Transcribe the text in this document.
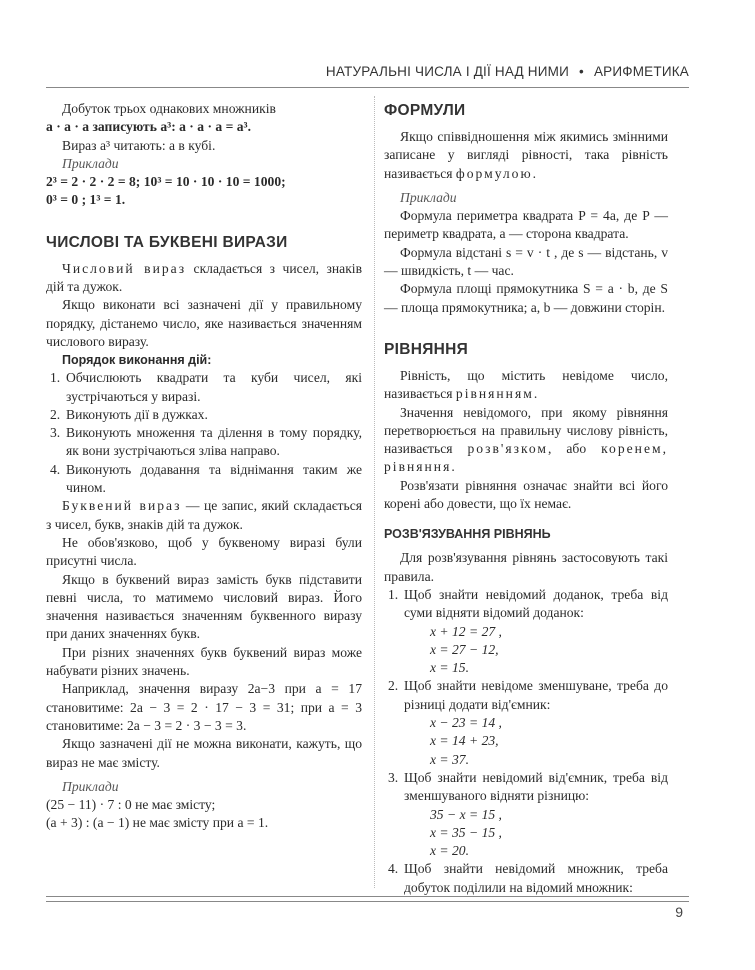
НАТУРАЛЬНІ ЧИСЛА І ДІЇ НАД НИМИ • АРИФМЕТИКА

Добуток трьох однакових множників

a · a · a записують a³: a · a · a = a³.

Вираз a³ читають: a в кубі.

Приклади

2³ = 2 · 2 · 2 = 8; 10³ = 10 · 10 · 10 = 1000;

0³ = 0 ; 1³ = 1.

ЧИСЛОВІ ТА БУКВЕНІ ВИРАЗИ

Числовий вираз складається з чисел, знаків дій та дужок.

Якщо виконати всі зазначені дії у правильному порядку, дістанемо число, яке називається значенням числового виразу.

Порядок виконання дій:

1. Обчислюють квадрати та куби чисел, які зустрічаються у виразі.
2. Виконують дії в дужках.
3. Виконують множення та ділення в тому порядку, як вони зустрічаються зліва направо.
4. Виконують додавання та віднімання таким же чином.

Буквений вираз — це запис, який складається з чисел, букв, знаків дій та дужок.

Не обов'язково, щоб у буквеному виразі були присутні числа.

Якщо в буквений вираз замість букв підставити певні числа, то матимемо числовий вираз. Його значення називається значенням буквенного виразу при даних значеннях букв.

При різних значеннях букв буквений вираз може набувати різних значень.

Наприклад, значення виразу 2a−3 при a = 17 становитиме: 2a − 3 = 2 · 17 − 3 = 31; при a = 3 становитиме: 2a − 3 = 2 · 3 − 3 = 3.

Якщо зазначені дії не можна виконати, кажуть, що вираз не має змісту.

Приклади

(25 − 11) · 7 : 0 не має змісту;

(a + 3) : (a − 1) не має змісту при a = 1.

ФОРМУЛИ

Якщо співвідношення між якимись змінними записане у вигляді рівності, така рівність називається формулою.

Приклади

Формула периметра квадрата P = 4a, де P — периметр квадрата, a — сторона квадрата.

Формула відстані s = v · t , де s — відстань, v — швидкість, t — час.

Формула площі прямокутника S = a · b, де S — площа прямокутника; a, b — довжини сторін.

РІВНЯННЯ

Рівність, що містить невідоме число, називається рівнянням.

Значення невідомого, при якому рівняння перетворюється на правильну числову рівність, називається розв'язком, або коренем, рівняння.

Розв'язати рівняння означає знайти всі його корені або довести, що їх немає.

РОЗВ'ЯЗУВАННЯ РІВНЯНЬ

Для розв'язування рівнянь застосовують такі правила.

1. Щоб знайти невідомий доданок, треба від суми відняти відомий доданок:
x + 12 = 27 ,
x = 27 − 12,
x = 15.
2. Щоб знайти невідоме зменшуване, треба до різниці додати від'ємник:
x − 23 = 14 ,
x = 14 + 23,
x = 37.
3. Щоб знайти невідомий від'ємник, треба від зменшуваного відняти різницю:
35 − x = 15 ,
x = 35 − 15 ,
x = 20.
4. Щоб знайти невідомий множник, треба добуток поділили на відомий множник:
9
